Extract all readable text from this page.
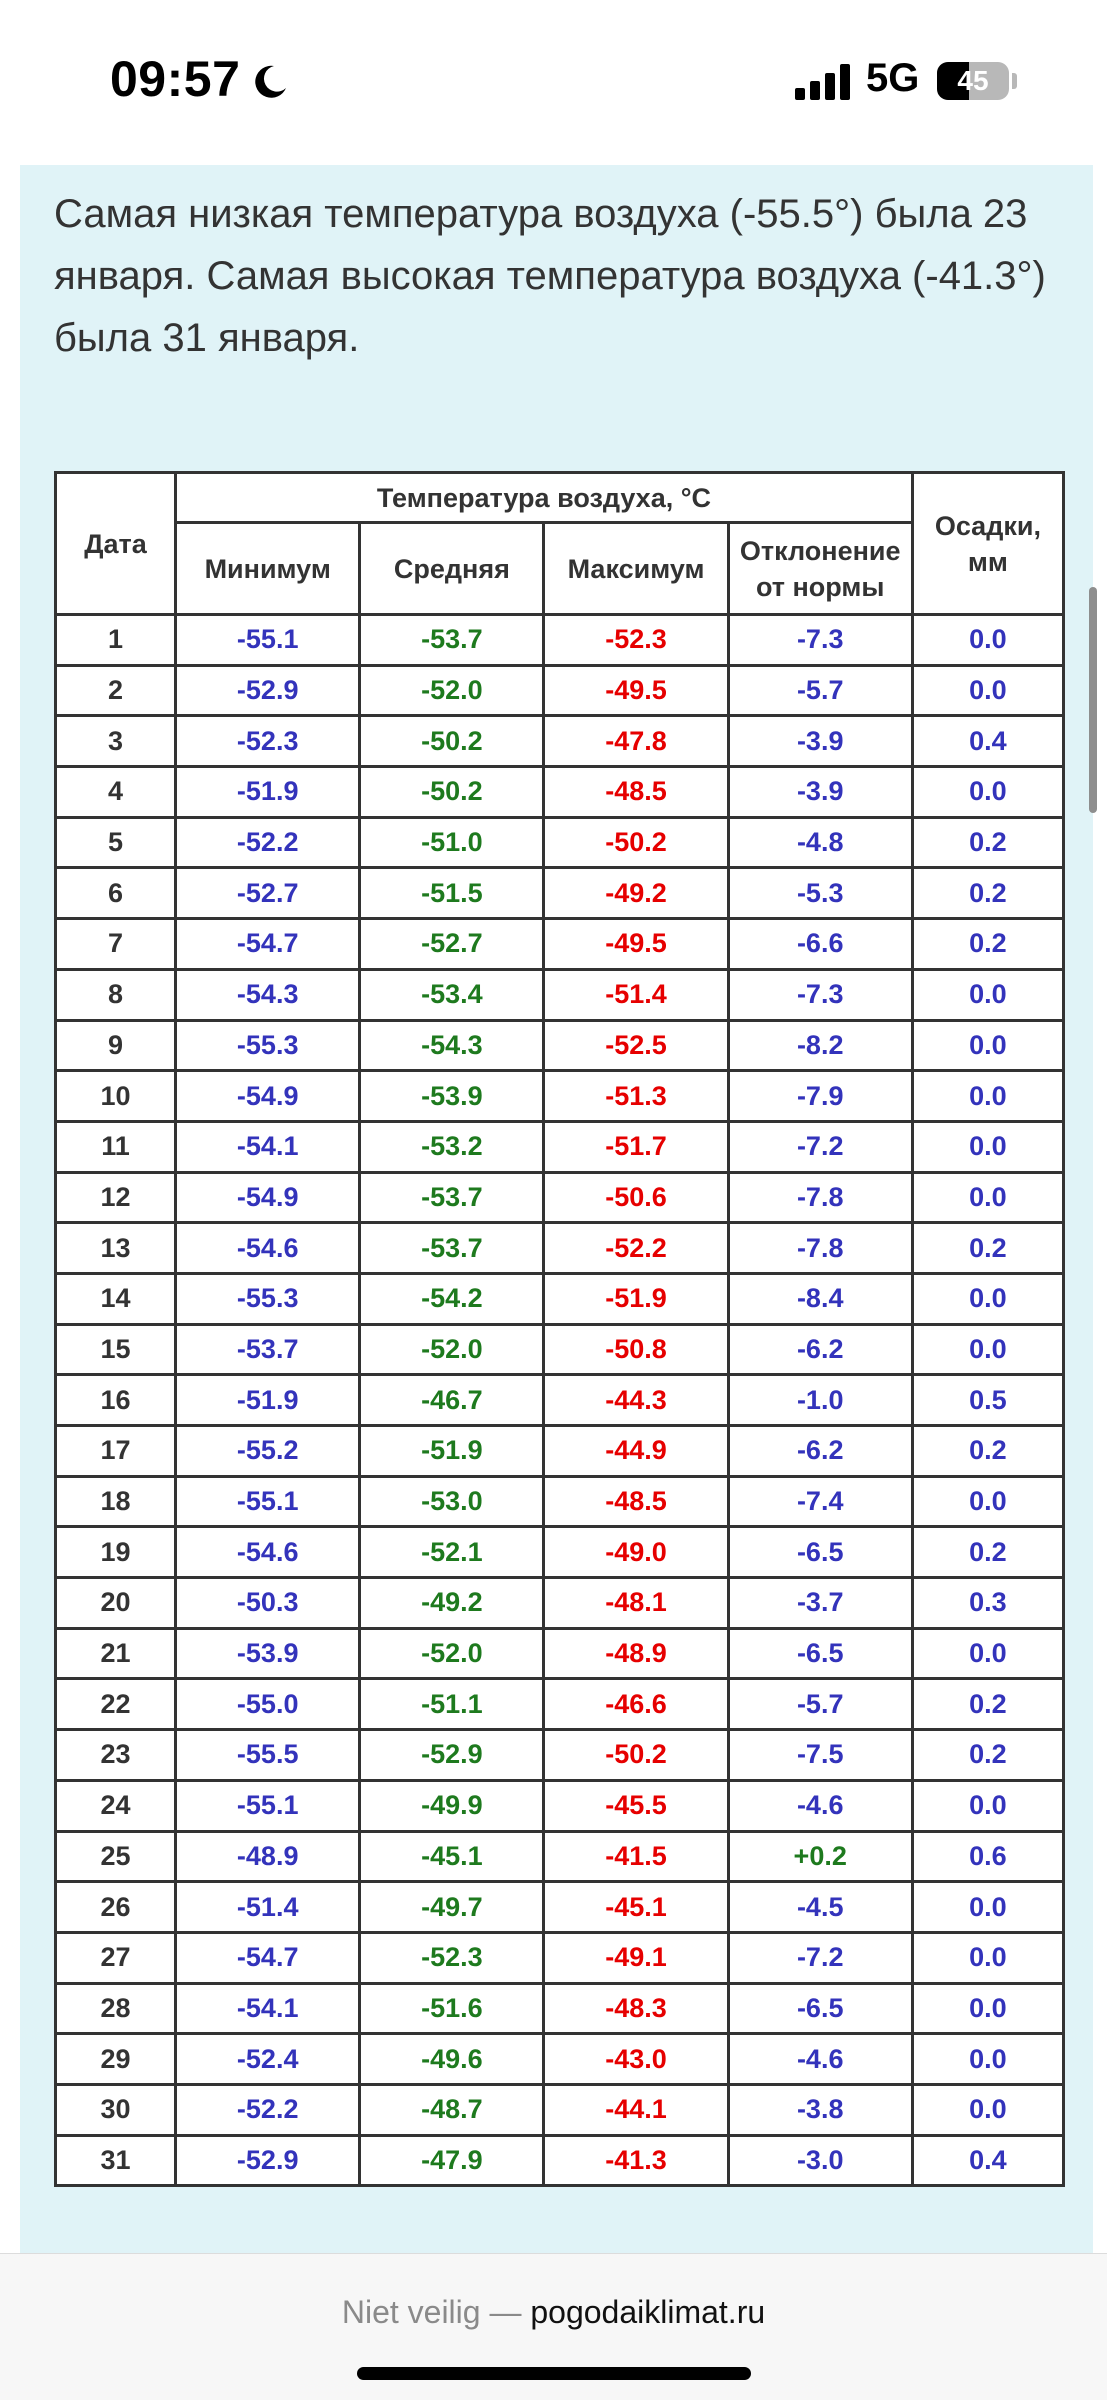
09:57	5G	45
Самая низкая температура воздуха (-55.5°) была 23 января. Самая высокая температура воздуха (-41.3°) была 31 января.
Дата	Температура воздуха, °C				Осадки, мм
	Минимум	Средняя	Максимум	Отклонение от нормы	
1	-55.1	-53.7	-52.3	-7.3	0.0
2	-52.9	-52.0	-49.5	-5.7	0.0
3	-52.3	-50.2	-47.8	-3.9	0.4
4	-51.9	-50.2	-48.5	-3.9	0.0
5	-52.2	-51.0	-50.2	-4.8	0.2
6	-52.7	-51.5	-49.2	-5.3	0.2
7	-54.7	-52.7	-49.5	-6.6	0.2
8	-54.3	-53.4	-51.4	-7.3	0.0
9	-55.3	-54.3	-52.5	-8.2	0.0
10	-54.9	-53.9	-51.3	-7.9	0.0
11	-54.1	-53.2	-51.7	-7.2	0.0
12	-54.9	-53.7	-50.6	-7.8	0.0
13	-54.6	-53.7	-52.2	-7.8	0.2
14	-55.3	-54.2	-51.9	-8.4	0.0
15	-53.7	-52.0	-50.8	-6.2	0.0
16	-51.9	-46.7	-44.3	-1.0	0.5
17	-55.2	-51.9	-44.9	-6.2	0.2
18	-55.1	-53.0	-48.5	-7.4	0.0
19	-54.6	-52.1	-49.0	-6.5	0.2
20	-50.3	-49.2	-48.1	-3.7	0.3
21	-53.9	-52.0	-48.9	-6.5	0.0
22	-55.0	-51.1	-46.6	-5.7	0.2
23	-55.5	-52.9	-50.2	-7.5	0.2
24	-55.1	-49.9	-45.5	-4.6	0.0
25	-48.9	-45.1	-41.5	+0.2	0.6
26	-51.4	-49.7	-45.1	-4.5	0.0
27	-54.7	-52.3	-49.1	-7.2	0.0
28	-54.1	-51.6	-48.3	-6.5	0.0
29	-52.4	-49.6	-43.0	-4.6	0.0
30	-52.2	-48.7	-44.1	-3.8	0.0
31	-52.9	-47.9	-41.3	-3.0	0.4
Niet veilig — pogodaiklimat.ru
